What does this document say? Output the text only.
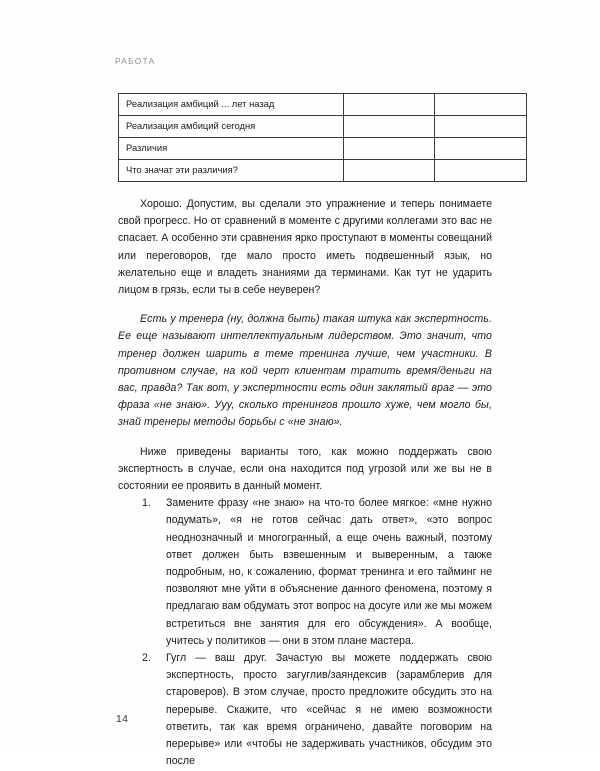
РАБОТА
Реализация амбиций ... лет назад		
Реализация амбиций сегодня		
Различия		
Что значат эти различия?		

Хорошо. Допустим, вы сделали это упражнение и теперь понимаете свой прогресс. Но от сравнений в моменте с другими коллегами это вас не спасает. А особенно эти сравнения ярко проступают в моменты совещаний или переговоров, где мало просто иметь подвешенный язык, но желательно еще и владеть знаниями да терминами. Как тут не ударить лицом в грязь, если ты в себе неуверен?

Есть у тренера (ну, должна быть) такая штука как экспертность. Ее еще называют интеллектуальным лидерством. Это значит, что тренер должен шарить в теме тренинга лучше, чем участники. В противном случае, на кой черт клиентам тратить время/деньги на вас, правда? Так вот, у экспертности есть один заклятый враг — это фраза «не знаю». Ууу, сколько тренингов прошло хуже, чем могло бы, знай тренеры методы борьбы с «не знаю».

Ниже приведены варианты того, как можно поддержать свою экспертность в случае, если она находится под угрозой или же вы не в состоянии ее проявить в данный момент.

Замените фразу «не знаю» на что-то более мягкое: «мне нужно подумать», «я не готов сейчас дать ответ», «это вопрос неоднозначный и многогранный, а еще очень важный, поэтому ответ должен быть взвешенным и выверенным, а также подробным, но, к сожалению, формат тренинга и его тайминг не позволяют мне уйти в объяснение данного феномена, поэтому я предлагаю вам обдумать этот вопрос на досуге или же мы можем встретиться вне занятия для его обсуждения». А вообще, учитесь у политиков — они в этом плане мастера.
Гугл — ваш друг. Зачастую вы можете поддержать свою экспертность, просто загуглив/заяндексив (зарамблерив для староверов). В этом случае, просто предложите обсудить это на перерыве. Скажите, что «сейчас я не имею возможности ответить, так как время ограничено, давайте поговорим на перерыве» или «чтобы не задерживать участников, обсудим это после
14
